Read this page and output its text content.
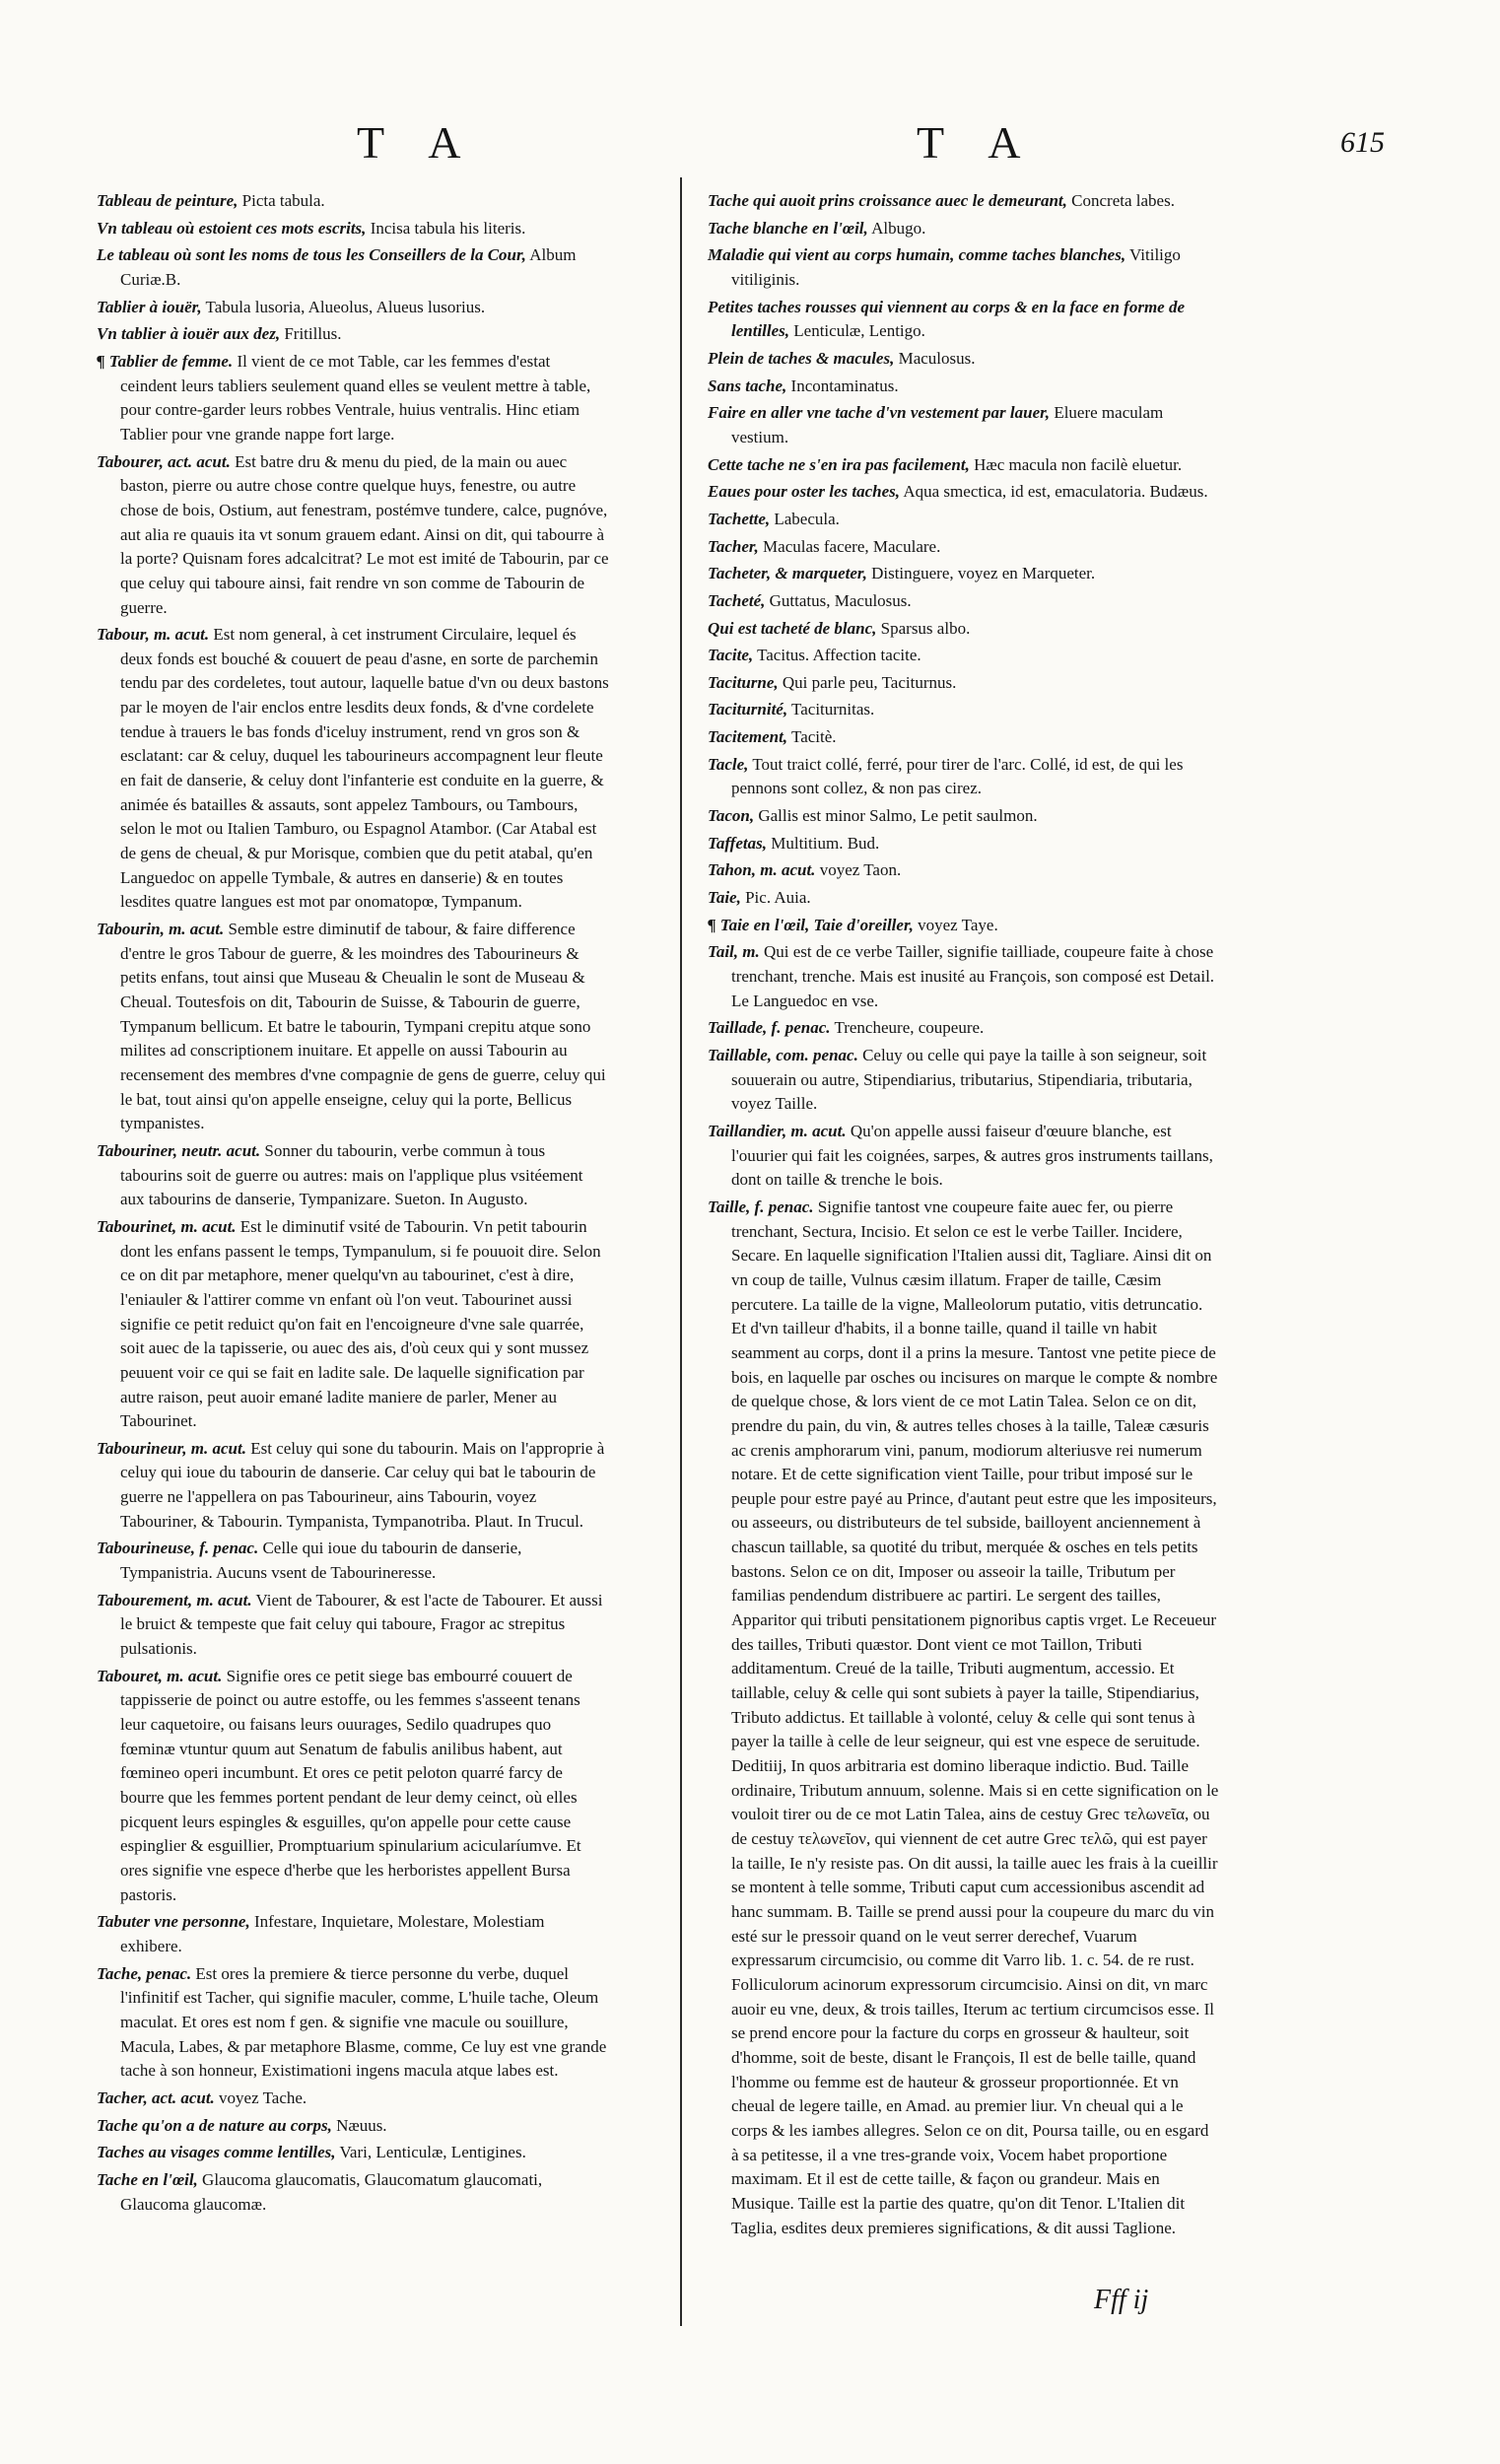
T A	T A	615

Tableau de peinture, Picta tabula.

Vn tableau où estoient ces mots escrits, Incisa tabula his literis.

Le tableau où sont les noms de tous les Conseillers de la Cour, Album Curiæ.B.

Tablier à iouër, Tabula lusoria, Alueolus, Alueus lusorius.

Vn tablier à iouër aux dez, Fritillus.

¶ Tablier de femme. Il vient de ce mot Table, car les femmes d'estat ceindent leurs tabliers seulement quand elles se veulent mettre à table, pour contre-garder leurs robbes Ventrale, huius ventralis. Hinc etiam Tablier pour vne grande nappe fort large.

Tabourer, act. acut. Est batre dru & menu du pied, de la main ou auec baston, pierre ou autre chose contre quelque huys, fenestre, ou autre chose de bois, Ostium, aut fenestram, postémve tundere, calce, pugnóve, aut alia re quauis ita vt sonum grauem edant. Ainsi on dit, qui tabourre à la porte? Quisnam fores adcalcitrat? Le mot est imité de Tabourin, par ce que celuy qui taboure ainsi, fait rendre vn son comme de Tabourin de guerre.

Tabour, m. acut. Est nom general, à cet instrument Circulaire, lequel és deux fonds est bouché & couuert de peau d'asne, en sorte de parchemin tendu par des cordeletes, tout autour, laquelle batue d'vn ou deux bastons par le moyen de l'air enclos entre lesdits deux fonds, & d'vne cordelete tendue à trauers le bas fonds d'iceluy instrument, rend vn gros son & esclatant: car & celuy, duquel les tabourineurs accompagnent leur fleute en fait de danserie, & celuy dont l'infanterie est conduite en la guerre, & animée és batailles & assauts, sont appelez Tambours, ou Tambours, selon le mot ou Italien Tamburo, ou Espagnol Atambor. (Car Atabal est de gens de cheual, & pur Morisque, combien que du petit atabal, qu'en Languedoc on appelle Tymbale, & autres en danserie) & en toutes lesdites quatre langues est mot par onomatopœ, Tympanum.

Tabourin, m. acut. Semble estre diminutif de tabour, & faire difference d'entre le gros Tabour de guerre, & les moindres des Tabourineurs & petits enfans, tout ainsi que Museau & Cheualin le sont de Museau & Cheual. Toutesfois on dit, Tabourin de Suisse, & Tabourin de guerre, Tympanum bellicum. Et batre le tabourin, Tympani crepitu atque sono milites ad conscriptionem inuitare. Et appelle on aussi Tabourin au recensement des membres d'vne compagnie de gens de guerre, celuy qui le bat, tout ainsi qu'on appelle enseigne, celuy qui la porte, Bellicus tympanistes.

Tabouriner, neutr. acut. Sonner du tabourin, verbe commun à tous tabourins soit de guerre ou autres: mais on l'applique plus vsitéement aux tabourins de danserie, Tympanizare. Sueton. In Augusto.

Tabourinet, m. acut. Est le diminutif vsité de Tabourin. Vn petit tabourin dont les enfans passent le temps, Tympanulum, si fe pouuoit dire. Selon ce on dit par metaphore, mener quelqu'vn au tabourinet, c'est à dire, l'eniauler & l'attirer comme vn enfant où l'on veut. Tabourinet aussi signifie ce petit reduict qu'on fait en l'encoigneure d'vne sale quarrée, soit auec de la tapisserie, ou auec des ais, d'où ceux qui y sont mussez peuuent voir ce qui se fait en ladite sale. De laquelle signification par autre raison, peut auoir emané ladite maniere de parler, Mener au Tabourinet.

Tabourineur, m. acut. Est celuy qui sone du tabourin. Mais on l'approprie à celuy qui ioue du tabourin de danserie. Car celuy qui bat le tabourin de guerre ne l'appellera on pas Tabourineur, ains Tabourin, voyez Tabouriner, & Tabourin. Tympanista, Tympanotriba. Plaut. In Trucul.

Tabourineuse, f. penac. Celle qui ioue du tabourin de danserie, Tympanistria. Aucuns vsent de Tabourineresse.

Tabourement, m. acut. Vient de Tabourer, & est l'acte de Tabourer. Et aussi le bruict & tempeste que fait celuy qui taboure, Fragor ac strepitus pulsationis.

Tabouret, m. acut. Signifie ores ce petit siege bas embourré couuert de tappisserie de poinct ou autre estoffe, ou les femmes s'asseent tenans leur caquetoire, ou faisans leurs ouurages, Sedilo quadrupes quo fœminæ vtuntur quum aut Senatum de fabulis anilibus habent, aut fœmineo operi incumbunt. Et ores ce petit peloton quarré farcy de bourre que les femmes portent pendant de leur demy ceinct, où elles picquent leurs espingles & esguilles, qu'on appelle pour cette cause espinglier & esguillier, Promptuarium spinularium acicularíumve. Et ores signifie vne espece d'herbe que les herboristes appellent Bursa pastoris.

Tabuter vne personne, Infestare, Inquietare, Molestare, Molestiam exhibere.

Tache, penac. Est ores la premiere & tierce personne du verbe, duquel l'infinitif est Tacher, qui signifie maculer, comme, L'huile tache, Oleum maculat. Et ores est nom f gen. & signifie vne macule ou souillure, Macula, Labes, & par metaphore Blasme, comme, Ce luy est vne grande tache à son honneur, Existimationi ingens macula atque labes est.

Tacher, act. acut. voyez Tache.

Tache qu'on a de nature au corps, Næuus.

Taches au visages comme lentilles, Vari, Lenticulæ, Lentigines.

Tache en l'œil, Glaucoma glaucomatis, Glaucomatum glaucomati, Glaucoma glaucomæ.

Tache qui auoit prins croissance auec le demeurant, Concreta labes.

Tache blanche en l'œil, Albugo.

Maladie qui vient au corps humain, comme taches blanches, Vitiligo vitiliginis.

Petites taches rousses qui viennent au corps & en la face en forme de lentilles, Lenticulæ, Lentigo.

Plein de taches & macules, Maculosus.

Sans tache, Incontaminatus.

Faire en aller vne tache d'vn vestement par lauer, Eluere maculam vestium.

Cette tache ne s'en ira pas facilement, Hæc macula non facilè eluetur.

Eaues pour oster les taches, Aqua smectica, id est, emaculatoria. Budæus.

Tachette, Labecula.

Tacher, Maculas facere, Maculare.

Tacheter, & marqueter, Distinguere, voyez en Marqueter.

Tacheté, Guttatus, Maculosus.

Qui est tacheté de blanc, Sparsus albo.

Tacite, Tacitus. Affection tacite.

Taciturne, Qui parle peu, Taciturnus.

Taciturnité, Taciturnitas.

Tacitement, Tacitè.

Tacle, Tout traict collé, ferré, pour tirer de l'arc. Collé, id est, de qui les pennons sont collez, & non pas cirez.

Tacon, Gallis est minor Salmo, Le petit saulmon.

Taffetas, Multitium. Bud.

Tahon, m. acut. voyez Taon.

Taie, Pic. Auia.

¶ Taie en l'œil, Taie d'oreiller, voyez Taye.

Tail, m. Qui est de ce verbe Tailler, signifie tailliade, coupeure faite à chose trenchant, trenche. Mais est inusité au François, son composé est Detail. Le Languedoc en vse.

Taillade, f. penac. Trencheure, coupeure.

Taillable, com. penac. Celuy ou celle qui paye la taille à son seigneur, soit souuerain ou autre, Stipendiarius, tributarius, Stipendiaria, tributaria, voyez Taille.

Taillandier, m. acut. Qu'on appelle aussi faiseur d'œuure blanche, est l'ouurier qui fait les coignées, sarpes, & autres gros instruments taillans, dont on taille & trenche le bois.

Taille, f. penac. Signifie tantost vne coupeure faite auec fer, ou pierre trenchant, Sectura, Incisio. Et selon ce est le verbe Tailler. Incidere, Secare. En laquelle signification l'Italien aussi dit, Tagliare. Ainsi dit on vn coup de taille, Vulnus cæsim illatum. Fraper de taille, Cæsim percutere. La taille de la vigne, Malleolorum putatio, vitis detruncatio. Et d'vn tailleur d'habits, il a bonne taille, quand il taille vn habit seamment au corps, dont il a prins la mesure. Tantost vne petite piece de bois, en laquelle par osches ou incisures on marque le compte & nombre de quelque chose, & lors vient de ce mot Latin Talea. Selon ce on dit, prendre du pain, du vin, & autres telles choses à la taille, Taleæ cæsuris ac crenis amphorarum vini, panum, modiorum alteriusve rei numerum notare. Et de cette signification vient Taille, pour tribut imposé sur le peuple pour estre payé au Prince, d'autant peut estre que les impositeurs, ou asseeurs, ou distributeurs de tel subside, bailloyent anciennement à chascun taillable, sa quotité du tribut, merquée & osches en tels petits bastons. Selon ce on dit, Imposer ou asseoir la taille, Tributum per familias pendendum distribuere ac partiri. Le sergent des tailles, Apparitor qui tributi pensitationem pignoribus captis vrget. Le Receueur des tailles, Tributi quæstor. Dont vient ce mot Taillon, Tributi additamentum. Creué de la taille, Tributi augmentum, accessio. Et taillable, celuy & celle qui sont subiets à payer la taille, Stipendiarius, Tributo addictus. Et taillable à volonté, celuy & celle qui sont tenus à payer la taille à celle de leur seigneur, qui est vne espece de seruitude. Deditiij, In quos arbitraria est domino liberaque indictio. Bud. Taille ordinaire, Tributum annuum, solenne. Mais si en cette signification on le vouloit tirer ou de ce mot Latin Talea, ains de cestuy Grec τελωνεῖα, ou de cestuy τελωνεῖον, qui viennent de cet autre Grec τελῶ, qui est payer la taille, Ie n'y resiste pas. On dit aussi, la taille auec les frais à la cueillir se montent à telle somme, Tributi caput cum accessionibus ascendit ad hanc summam. B. Taille se prend aussi pour la coupeure du marc du vin esté sur le pressoir quand on le veut serrer derechef, Vuarum expressarum circumcisio, ou comme dit Varro lib. 1. c. 54. de re rust. Folliculorum acinorum expressorum circumcisio. Ainsi on dit, vn marc auoir eu vne, deux, & trois tailles, Iterum ac tertium circumcisos esse. Il se prend encore pour la facture du corps en grosseur & haulteur, soit d'homme, soit de beste, disant le François, Il est de belle taille, quand l'homme ou femme est de hauteur & grosseur proportionnée. Et vn cheual de legere taille, en Amad. au premier liur. Vn cheual qui a le corps & les iambes allegres. Selon ce on dit, Poursa taille, ou en esgard à sa petitesse, il a vne tres-grande voix, Vocem habet proportione maximam. Et il est de cette taille, & façon ou grandeur. Mais en Musique. Taille est la partie des quatre, qu'on dit Tenor. L'Italien dit Taglia, esdites deux premieres significations, & dit aussi Taglione.

Fff ij
